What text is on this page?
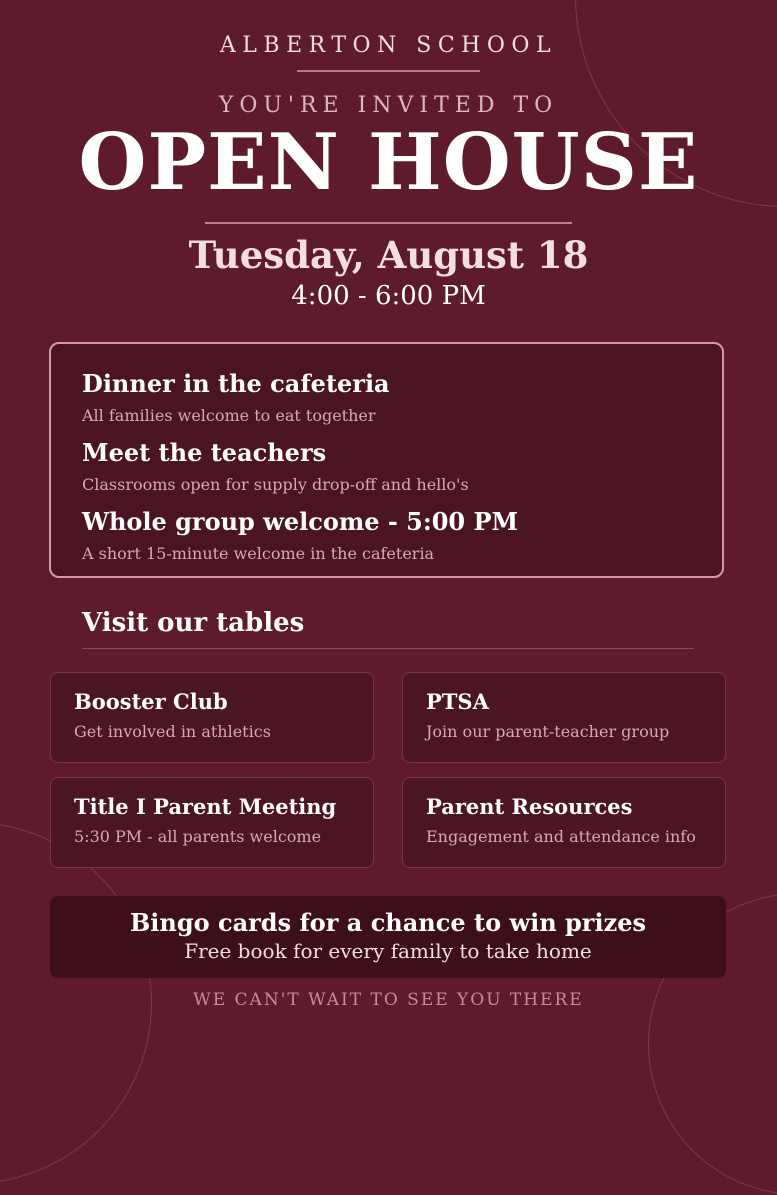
ALBERTON SCHOOL
YOU'RE INVITED TO
OPEN HOUSE
Tuesday, August 18
4:00 - 6:00 PM
Dinner in the cafeteria
All families welcome to eat together
Meet the teachers
Classrooms open for supply drop-off and hello's
Whole group welcome - 5:00 PM
A short 15-minute welcome in the cafeteria
Visit our tables
Booster Club
Get involved in athletics
PTSA
Join our parent-teacher group
Title I Parent Meeting
5:30 PM - all parents welcome
Parent Resources
Engagement and attendance info
Bingo cards for a chance to win prizes
Free book for every family to take home
WE CAN'T WAIT TO SEE YOU THERE
